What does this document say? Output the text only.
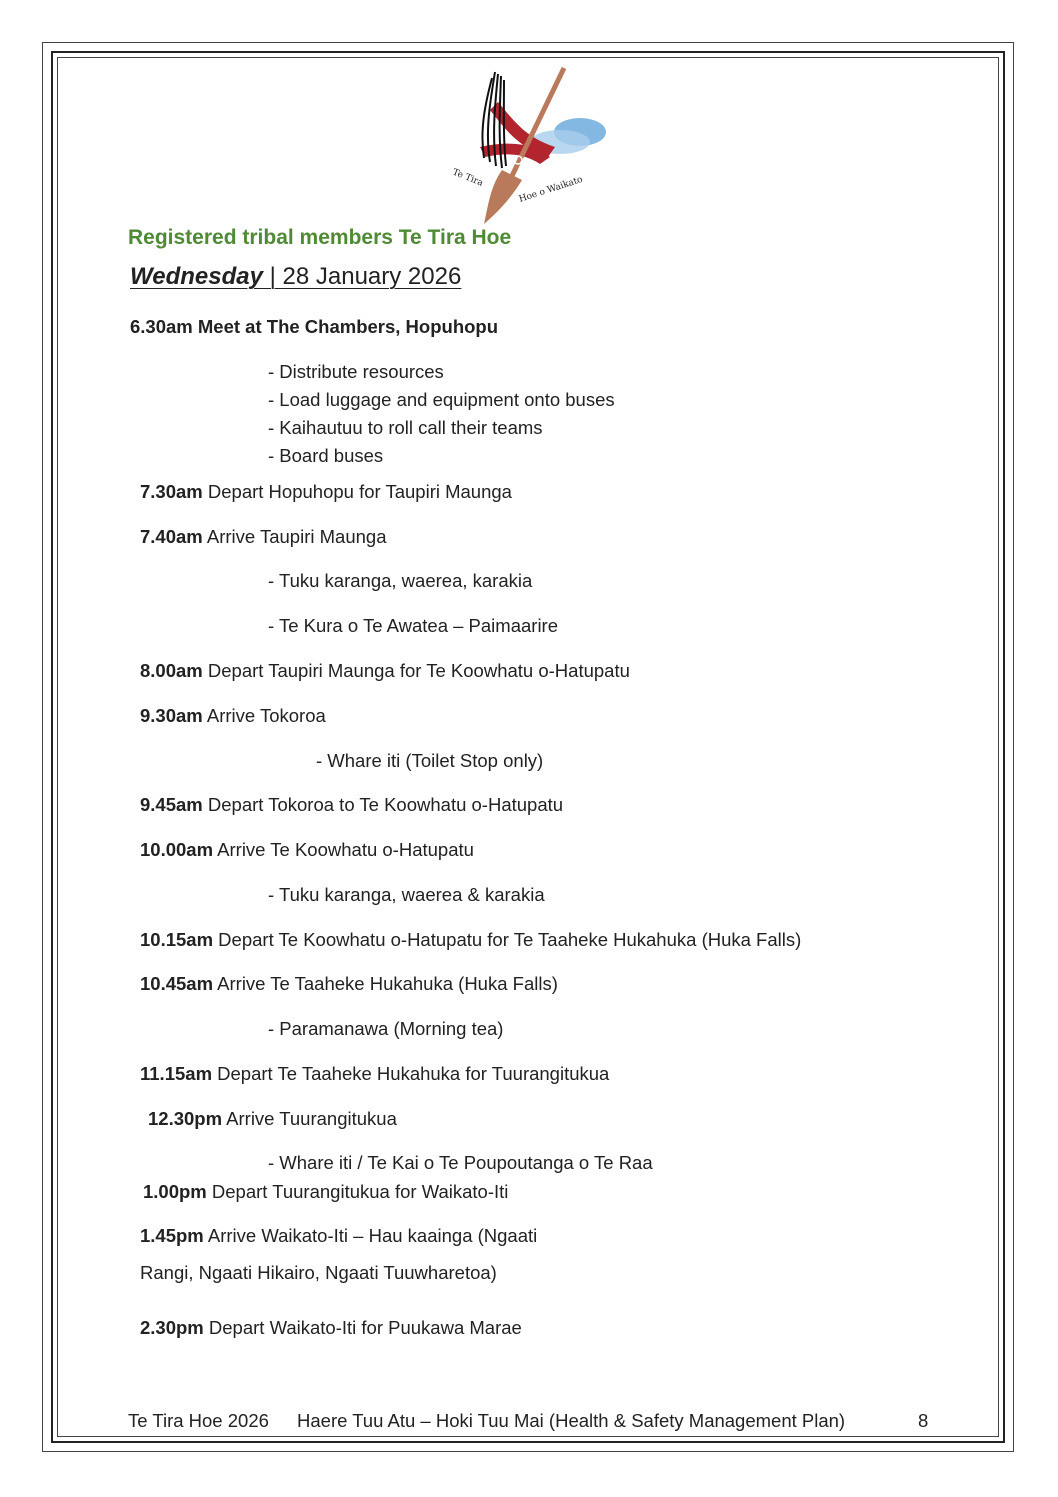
Te Tira	Hoe o Waikato
Registered tribal members Te Tira Hoe
Wednesday | 28 January 2026
6.30am Meet at The Chambers, Hopuhopu
- Distribute resources
- Load luggage and equipment onto buses
- Kaihautuu to roll call their teams
- Board buses
7.30am Depart Hopuhopu for Taupiri Maunga
7.40am Arrive Taupiri Maunga
- Tuku karanga, waerea, karakia
- Te Kura o Te Awatea – Paimaarire
8.00am Depart Taupiri Maunga for Te Koowhatu o-Hatupatu
9.30am Arrive Tokoroa
- Whare iti (Toilet Stop only)
9.45am Depart Tokoroa to Te Koowhatu o-Hatupatu
10.00am Arrive Te Koowhatu o-Hatupatu
- Tuku karanga, waerea & karakia
10.15am Depart Te Koowhatu o-Hatupatu for Te Taaheke Hukahuka (Huka Falls)
10.45am Arrive Te Taaheke Hukahuka (Huka Falls)
- Paramanawa (Morning tea)
11.15am Depart Te Taaheke Hukahuka for Tuurangitukua
12.30pm Arrive Tuurangitukua
- Whare iti / Te Kai o Te Poupoutanga o Te Raa
1.00pm Depart Tuurangitukua for Waikato-Iti
1.45pm Arrive Waikato-Iti – Hau kaainga (Ngaati
Rangi, Ngaati Hikairo, Ngaati Tuuwharetoa)
2.30pm Depart Waikato-Iti for Puukawa Marae
Te Tira Hoe 2026 Haere Tuu Atu – Hoki Tuu Mai (Health & Safety Management Plan)	8
